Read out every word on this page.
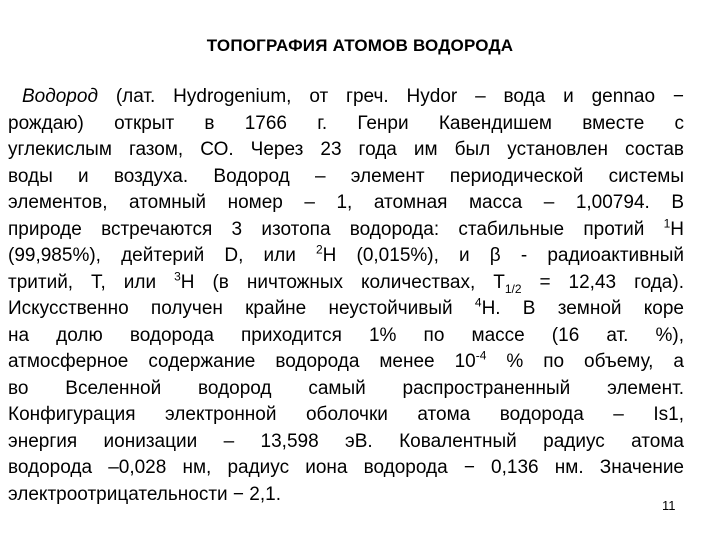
ТОПОГРАФИЯ АТОМОВ ВОДОРОДА
Водород (лат. Hydrogenium, от греч. Hydor – вода и gennao −
рождаю) открыт в 1766 г. Генри Кавендишем вместе с
углекислым газом, СО. Через 23 года им был установлен состав
воды и воздуха. Водород – элемент периодической системы
элементов, атомный номер – 1, атомная масса – 1,00794. В
природе встречаются 3 изотопа водорода: стабильные протий $^1$Н
(99,985%), дейтерий D, или $^2$Н (0,015%), и β - радиоактивный
тритий, Т, или $^3$Н (в ничтожных количествах, $Т_{1/2} = 12,43$ года).
Искусственно получен крайне неустойчивый $^4$Н. В земной коре
на долю водорода приходится 1% по массе (16 ат. %),
атмосферное содержание водорода менее $10^{-4}$ % по объему, а
во Вселенной водород самый распространенный элемент.
Конфигурация электронной оболочки атома водорода – Is1,
энергия ионизации – 13,598 эВ. Ковалентный радиус атома
водорода –0,028 нм, радиус иона водорода − 0,136 нм. Значение
электроотрицательности − 2,1.
11
